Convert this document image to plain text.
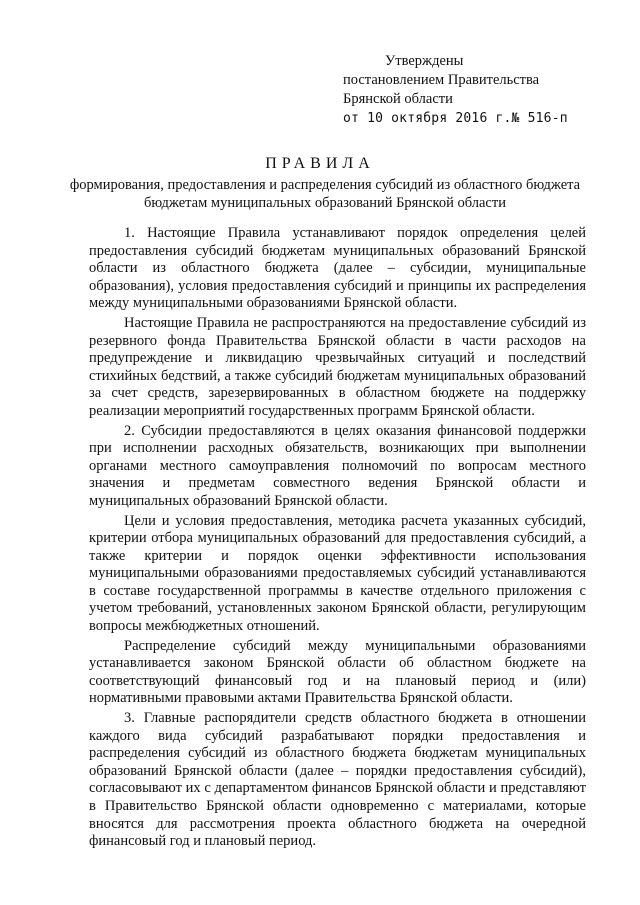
Утверждены
постановлением Правительства
Брянской области
от 10 октября 2016 г.№ 516-п
ПРАВИЛА
формирования, предоставления и распределения субсидий из областного бюджета бюджетам муниципальных образований Брянской области

1. Настоящие Правила устанавливают порядок определения целей предоставления субсидий бюджетам муниципальных образований Брянской области из областного бюджета (далее – субсидии, муниципальные образования), условия предоставления субсидий и принципы их распределения между муниципальными образованиями Брянской области.

Настоящие Правила не распространяются на предоставление субсидий из резервного фонда Правительства Брянской области в части расходов на предупреждение и ликвидацию чрезвычайных ситуаций и последствий стихийных бедствий, а также субсидий бюджетам муниципальных образований за счет средств, зарезервированных в областном бюджете на поддержку реализации мероприятий государственных программ Брянской области.

2. Субсидии предоставляются в целях оказания финансовой поддержки при исполнении расходных обязательств, возникающих при выполнении органами местного самоуправления полномочий по вопросам местного значения и предметам совместного ведения Брянской области и муниципальных образований Брянской области.

Цели и условия предоставления, методика расчета указанных субсидий, критерии отбора муниципальных образований для предоставления субсидий, а также критерии и порядок оценки эффективности использования муниципальными образованиями предоставляемых субсидий устанавливаются в составе государственной программы в качестве отдельного приложения с учетом требований, установленных законом Брянской области, регулирующим вопросы межбюджетных отношений.

Распределение субсидий между муниципальными образованиями устанавливается законом Брянской области об областном бюджете на соответствующий финансовый год и на плановый период и (или) нормативными правовыми актами Правительства Брянской области.

3. Главные распорядители средств областного бюджета в отношении каждого вида субсидий разрабатывают порядки предоставления и распределения субсидий из областного бюджета бюджетам муниципальных образований Брянской области (далее – порядки предоставления субсидий), согласовывают их с департаментом финансов Брянской области и представляют в Правительство Брянской области одновременно с материалами, которые вносятся для рассмотрения проекта областного бюджета на очередной финансовый год и плановый период.
